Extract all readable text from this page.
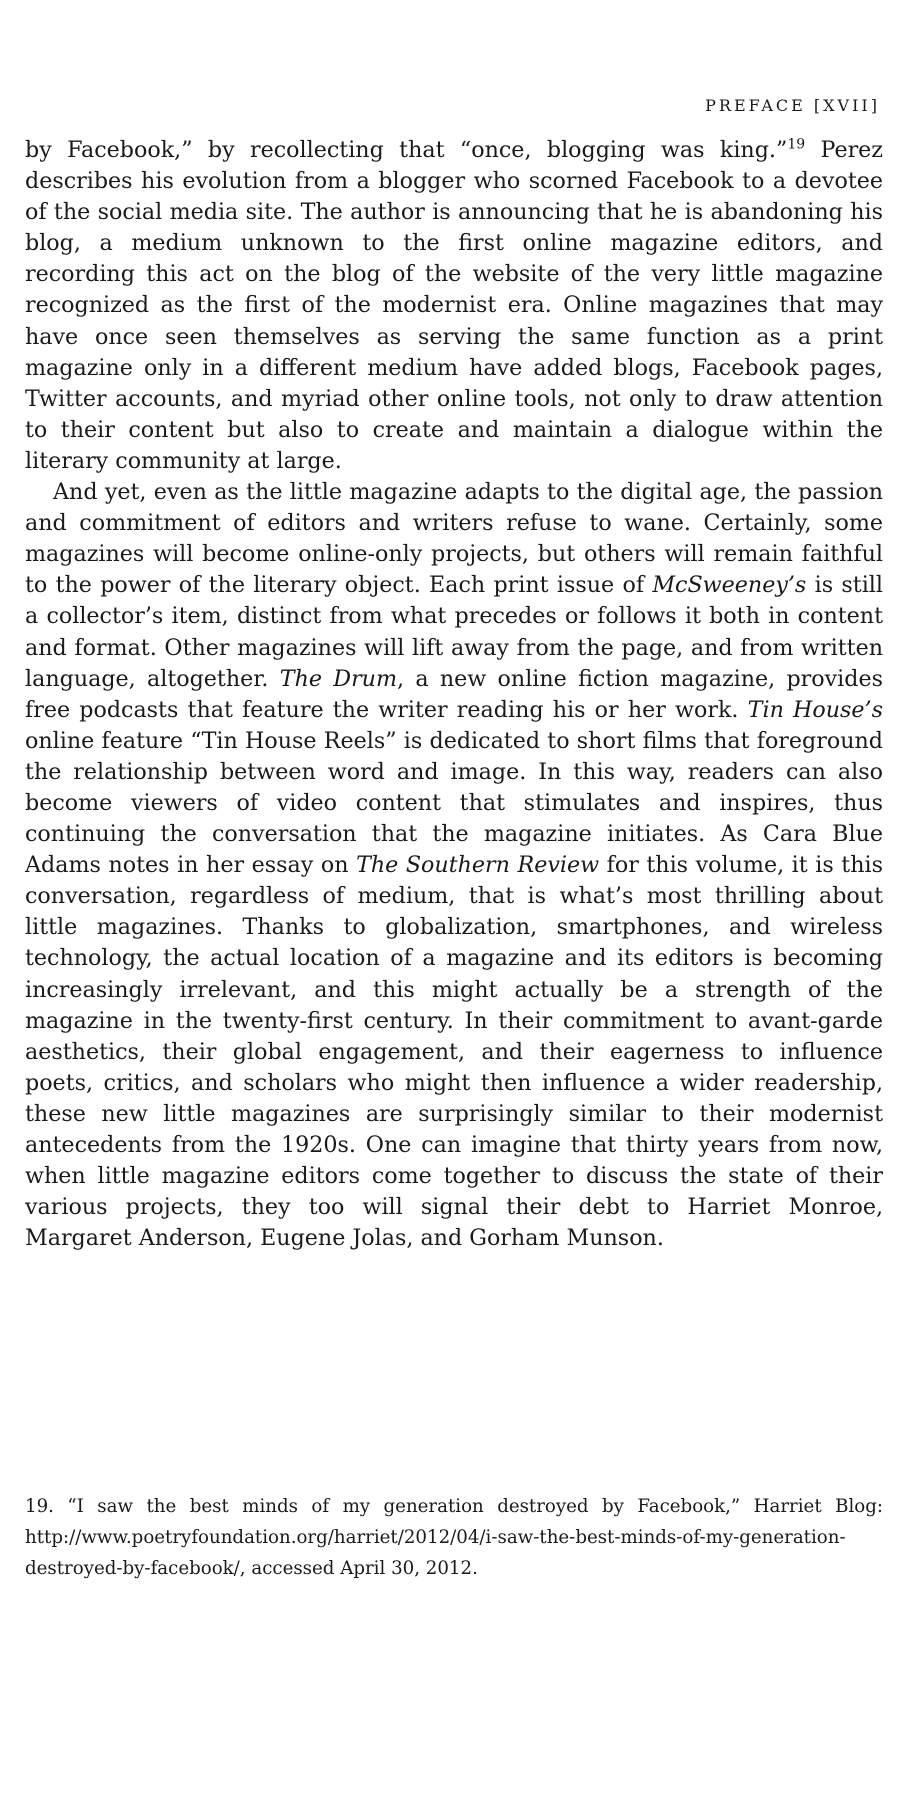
PREFACE [XVII]

by Facebook,” by recollecting that “once, blogging was king.”$^{19}$ Perez describes his evolution from a blogger who scorned Facebook to a devotee of the social media site. The author is announcing that he is abandoning his blog, a medium unknown to the first online magazine editors, and recording this act on the blog of the website of the very little magazine recognized as the first of the modernist era. Online magazines that may have once seen themselves as serving the same function as a print magazine only in a different medium have added blogs, Facebook pages, Twitter accounts, and myriad other online tools, not only to draw attention to their content but also to create and maintain a dialogue within the literary community at large.

And yet, even as the little magazine adapts to the digital age, the passion and commitment of editors and writers refuse to wane. Certainly, some magazines will become online-only projects, but others will remain faithful to the power of the literary object. Each print issue of McSweeney’s is still a collector’s item, distinct from what precedes or follows it both in content and format. Other magazines will lift away from the page, and from written language, altogether. The Drum, a new online fiction magazine, provides free podcasts that feature the writer reading his or her work. Tin House’s online feature “Tin House Reels” is dedicated to short films that foreground the relationship between word and image. In this way, readers can also become viewers of video content that stimulates and inspires, thus continuing the conversation that the magazine initiates. As Cara Blue Adams notes in her essay on The Southern Review for this volume, it is this conversation, regardless of medium, that is what’s most thrilling about little magazines. Thanks to globalization, smartphones, and wireless technology, the actual location of a magazine and its editors is becoming increasingly irrelevant, and this might actually be a strength of the magazine in the twenty-first century. In their commitment to avant-garde aesthetics, their global engagement, and their eagerness to influence poets, critics, and scholars who might then influence a wider readership, these new little magazines are surprisingly similar to their modernist antecedents from the 1920s. One can imagine that thirty years from now, when little magazine editors come together to discuss the state of their various projects, they too will signal their debt to Harriet Monroe, Margaret Anderson, Eugene Jolas, and Gorham Munson.

19. “I saw the best minds of my generation destroyed by Facebook,” Harriet Blog: http://www.poetryfoundation.org/harriet/2012/04/i-saw-the-best-minds-of-my-generation-destroyed-by-facebook/, accessed April 30, 2012.
